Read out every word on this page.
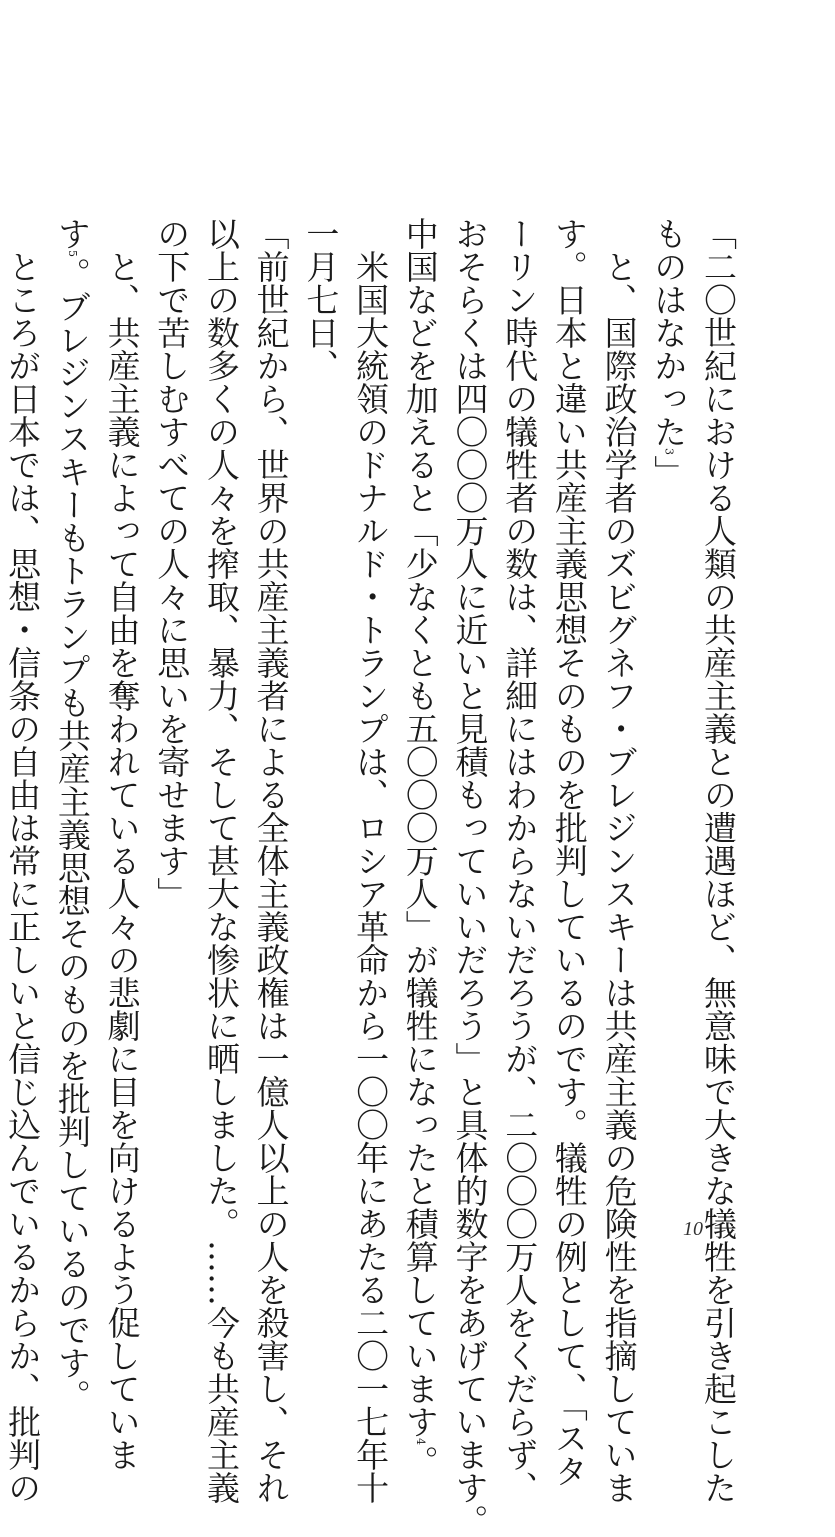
「二〇世紀における人類の共産主義との遭遇ほど、無意味で大きな犠牲を引き起こした
ものはなかった$^3$」
　と、国際政治学者のズビグネフ・ブレジンスキーは共産主義の危険性を指摘していま
す。日本と違い共産主義思想そのものを批判しているのです。犠牲の例として、「スタ
ーリン時代の犠牲者の数は、詳細にはわからないだろうが、二〇〇〇万人をくだらず、
おそらくは四〇〇〇万人に近いと見積もっていいだろう」と具体的数字をあげています。
中国などを加えると「少なくとも五〇〇〇万人」が犠牲になったと積算しています$^4$。
　米国大統領のドナルド・トランプは、ロシア革命から一〇〇年にあたる二〇一七年十
一月七日、
「前世紀から、世界の共産主義者による全体主義政権は一億人以上の人を殺害し、それ
以上の数多くの人々を搾取、暴力、そして甚大な惨状に晒しました。……今も共産主義
の下で苦しむすべての人々に思いを寄せます」
　と、共産主義によって自由を奪われている人々の悲劇に目を向けるよう促していま
す$^5$。ブレジンスキーもトランプも共産主義思想そのものを批判しているのです。
　ところが日本では、思想・信条の自由は常に正しいと信じ込んでいるからか、批判の	10
